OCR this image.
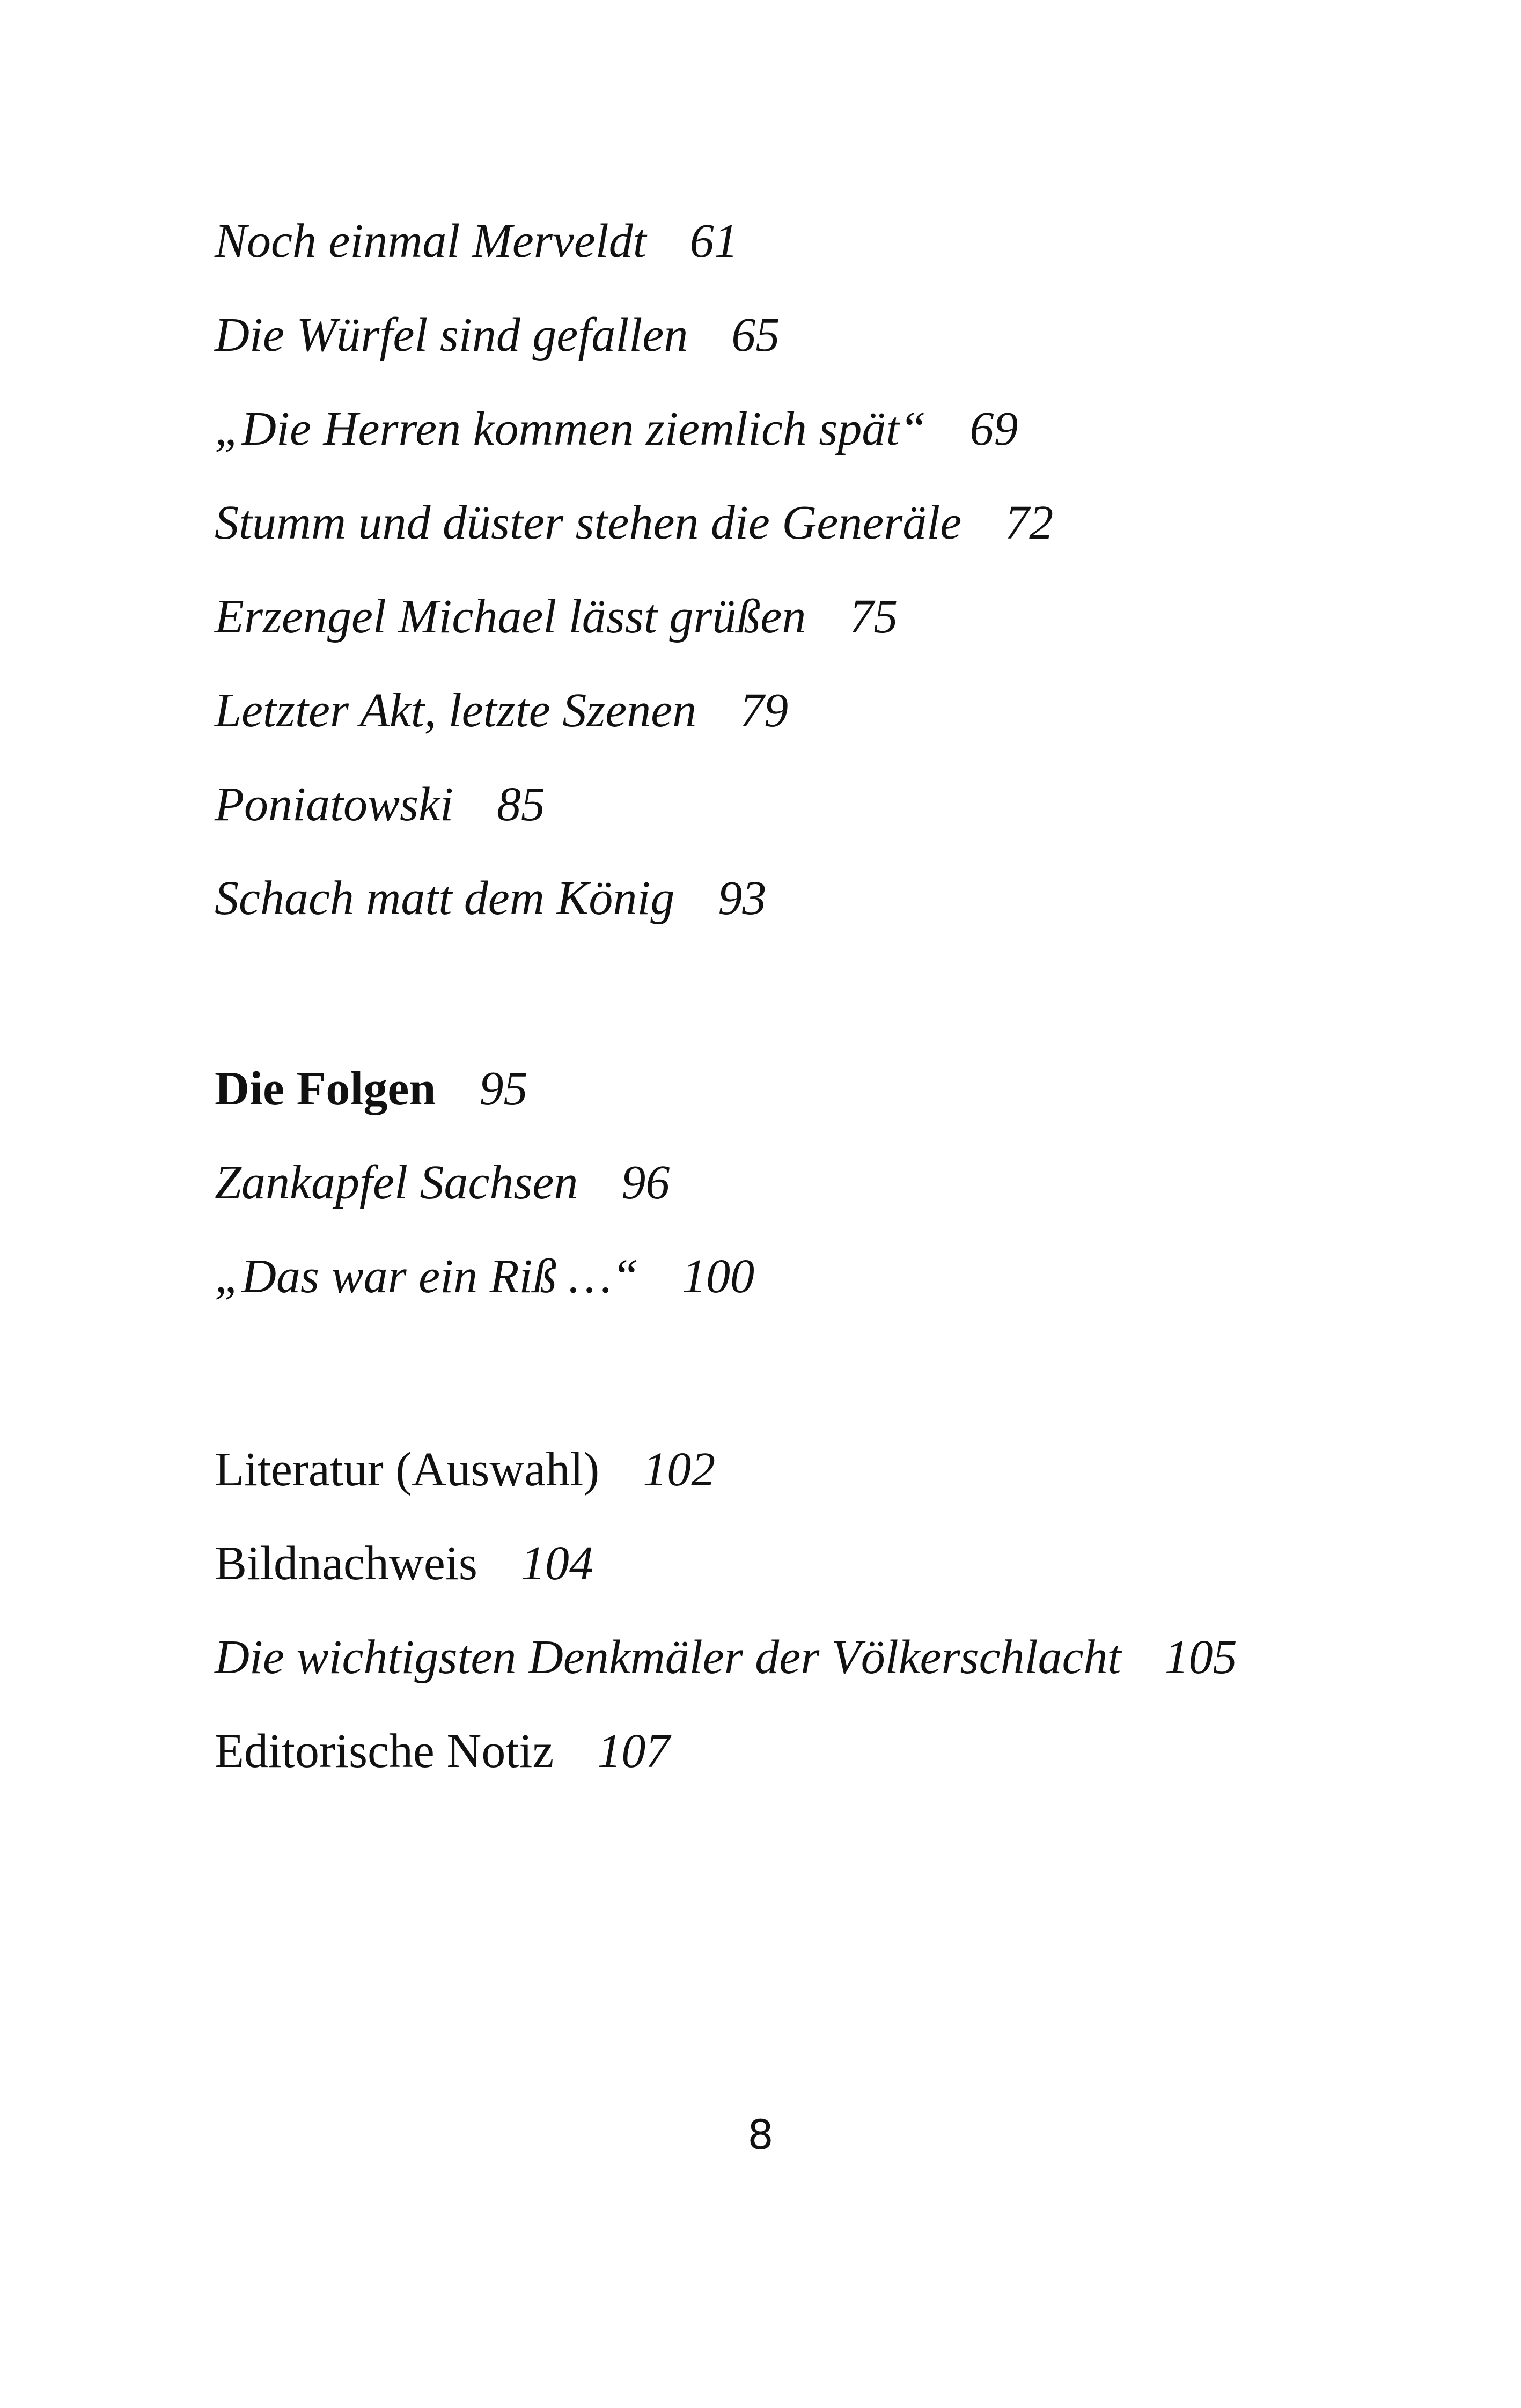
Noch einmal Merveldt 61
Die Würfel sind gefallen 65
„Die Herren kommen ziemlich spät“ 69
Stumm und düster stehen die Generäle 72
Erzengel Michael lässt grüßen 75
Letzter Akt, letzte Szenen 79
Poniatowski 85
Schach matt dem König 93
Die Folgen 95
Zankapfel Sachsen 96
„Das war ein Riß …“ 100
Literatur (Auswahl) 102
Bildnachweis 104
Die wichtigsten Denkmäler der Völkerschlacht 105
Editorische Notiz 107
8
